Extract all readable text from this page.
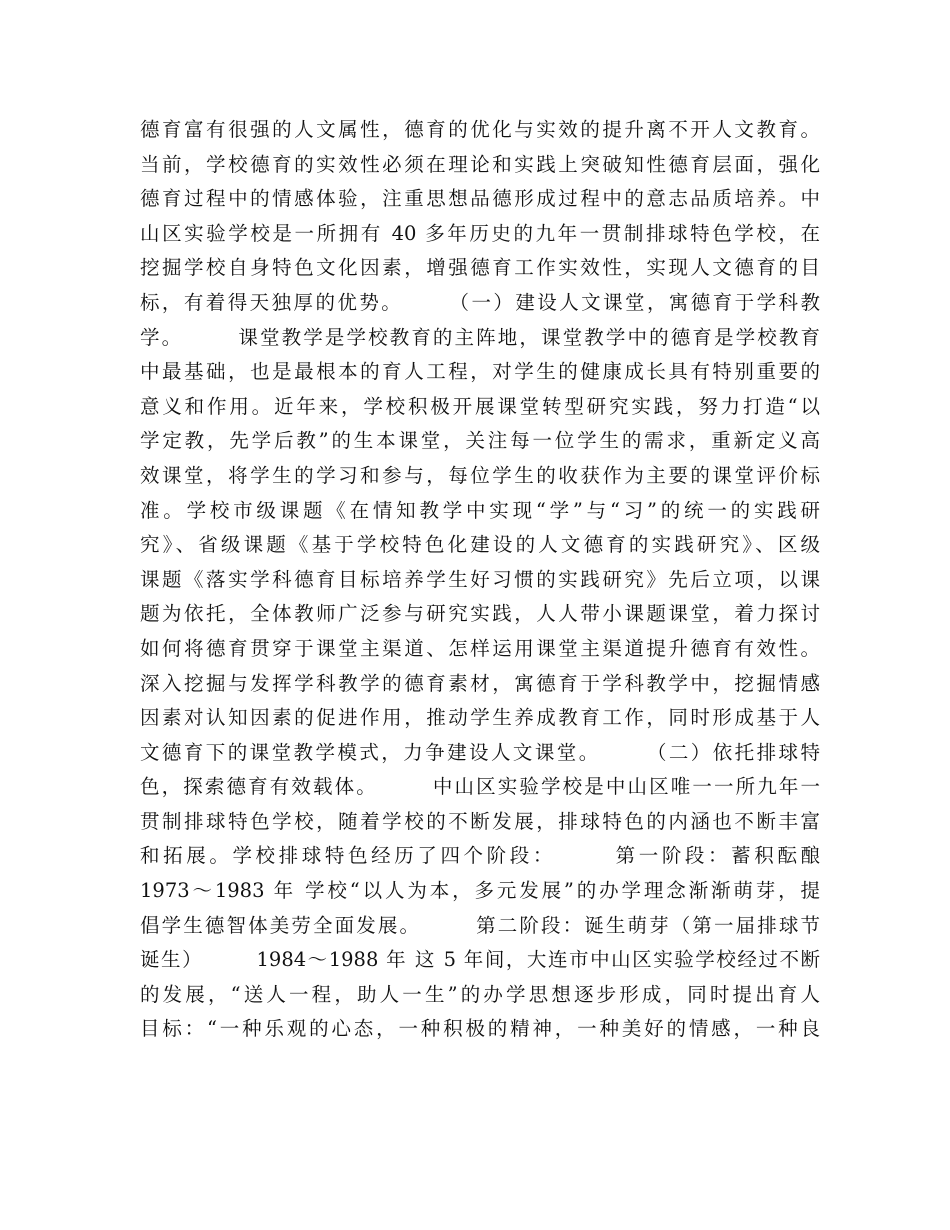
德育富有很强的人文属性，德育的优化与实效的提升离不开人文教育。
当前，学校德育的实效性必须在理论和实践上突破知性德育层面，强化
德育过程中的情感体验，注重思想品德形成过程中的意志品质培养。中
山区实验学校是一所拥有 40 多年历史的九年一贯制排球特色学校，在
挖掘学校自身特色文化因素，增强德育工作实效性，实现人文德育的目
标，有着得天独厚的优势。　　　（一）建设人文课堂，寓德育于学科教
学。　　　课堂教学是学校教育的主阵地，课堂教学中的德育是学校教育
中最基础，也是最根本的育人工程，对学生的健康成长具有特别重要的
意义和作用。近年来，学校积极开展课堂转型研究实践，努力打造“以
学定教，先学后教”的生本课堂，关注每一位学生的需求，重新定义高
效课堂，将学生的学习和参与，每位学生的收获作为主要的课堂评价标
准。学校市级课题《在情知教学中实现“学”与“习”的统一的实践研
究》、省级课题《基于学校特色化建设的人文德育的实践研究》、区级
课题《落实学科德育目标培养学生好习惯的实践研究》先后立项，以课
题为依托，全体教师广泛参与研究实践，人人带小课题课堂，着力探讨
如何将德育贯穿于课堂主渠道、怎样运用课堂主渠道提升德育有效性。
深入挖掘与发挥学科教学的德育素材，寓德育于学科教学中，挖掘情感
因素对认知因素的促进作用，推动学生养成教育工作，同时形成基于人
文德育下的课堂教学模式，力争建设人文课堂。　　　（二）依托排球特
色，探索德育有效载体。　　　中山区实验学校是中山区唯一一所九年一
贯制排球特色学校，随着学校的不断发展，排球特色的内涵也不断丰富
和拓展。学校排球特色经历了四个阶段：　　　第一阶段：蓄积酝酿
1973～1983 年 学校“以人为本，多元发展”的办学理念渐渐萌芽，提
倡学生德智体美劳全面发展。　　　第二阶段：诞生萌芽（第一届排球节
诞生）　　　1984～1988 年 这 5 年间，大连市中山区实验学校经过不断
的发展，“送人一程，助人一生”的办学思想逐步形成，同时提出育人
目标：“一种乐观的心态，一种积极的精神，一种美好的情感，一种良
